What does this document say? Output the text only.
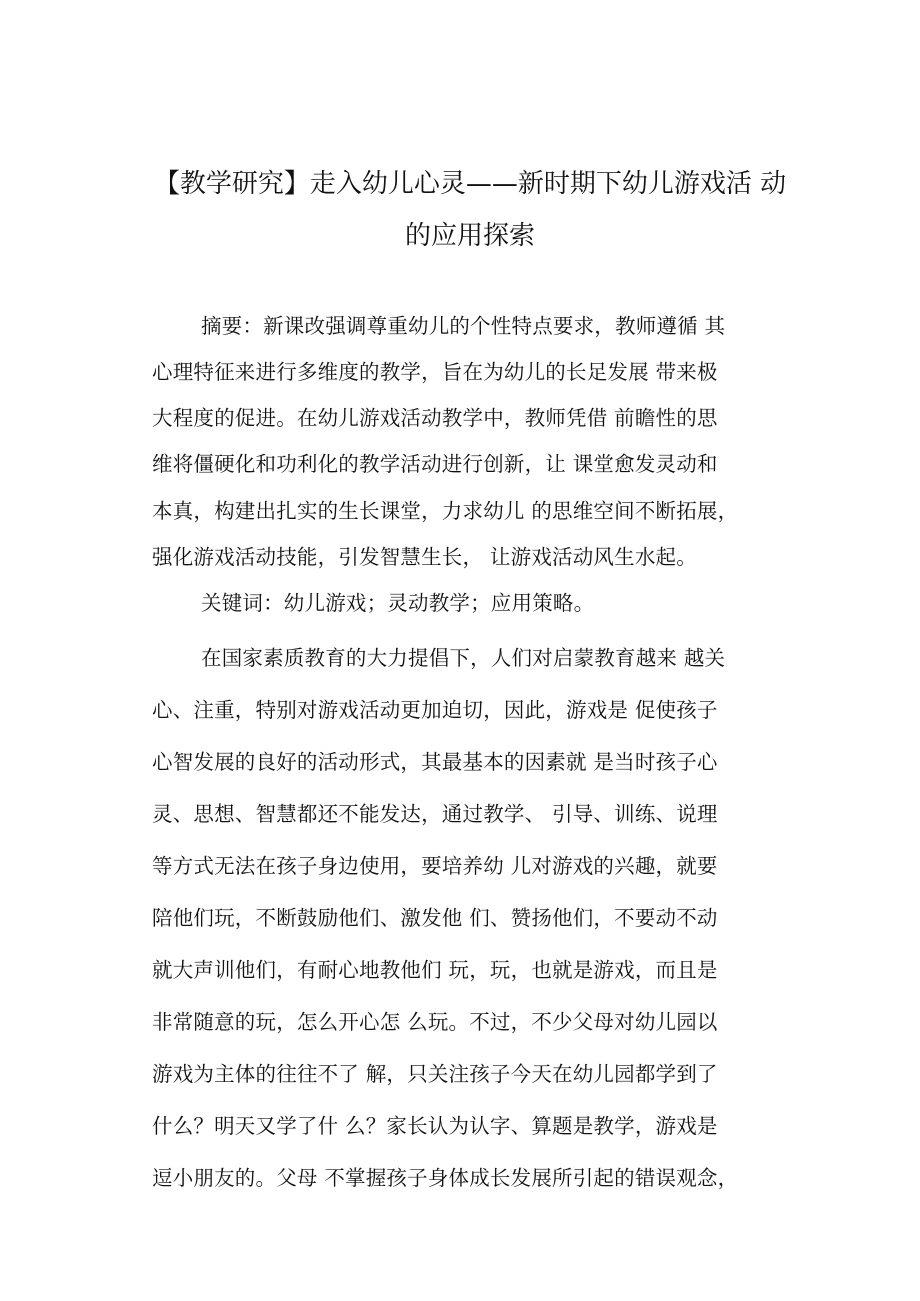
【教学研究】走入幼儿心灵——新时期下幼儿游戏活 动
的应用探索
摘要：新课改强调尊重幼儿的个性特点要求，教师遵循 其
心理特征来进行多维度的教学，旨在为幼儿的长足发展 带来极
大程度的促进。在幼儿游戏活动教学中，教师凭借 前瞻性的思
维将僵硬化和功利化的教学活动进行创新，让 课堂愈发灵动和
本真，构建出扎实的生长课堂，力求幼儿 的思维空间不断拓展，
强化游戏活动技能，引发智慧生长， 让游戏活动风生水起。
关键词：幼儿游戏；灵动教学；应用策略。
在国家素质教育的大力提倡下，人们对启蒙教育越来 越关
心、注重，特别对游戏活动更加迫切，因此，游戏是 促使孩子
心智发展的良好的活动形式，其最基本的因素就 是当时孩子心
灵、思想、智慧都还不能发达，通过教学、 引导、训练、说理
等方式无法在孩子身边使用，要培养幼 儿对游戏的兴趣，就要
陪他们玩，不断鼓励他们、激发他 们、赞扬他们，不要动不动
就大声训他们，有耐心地教他们 玩，玩，也就是游戏，而且是
非常随意的玩，怎么开心怎 么玩。不过，不少父母对幼儿园以
游戏为主体的往往不了 解，只关注孩子今天在幼儿园都学到了
什么？明天又学了什 么？家长认为认字、算题是教学，游戏是
逗小朋友的。父母 不掌握孩子身体成长发展所引起的错误观念，
